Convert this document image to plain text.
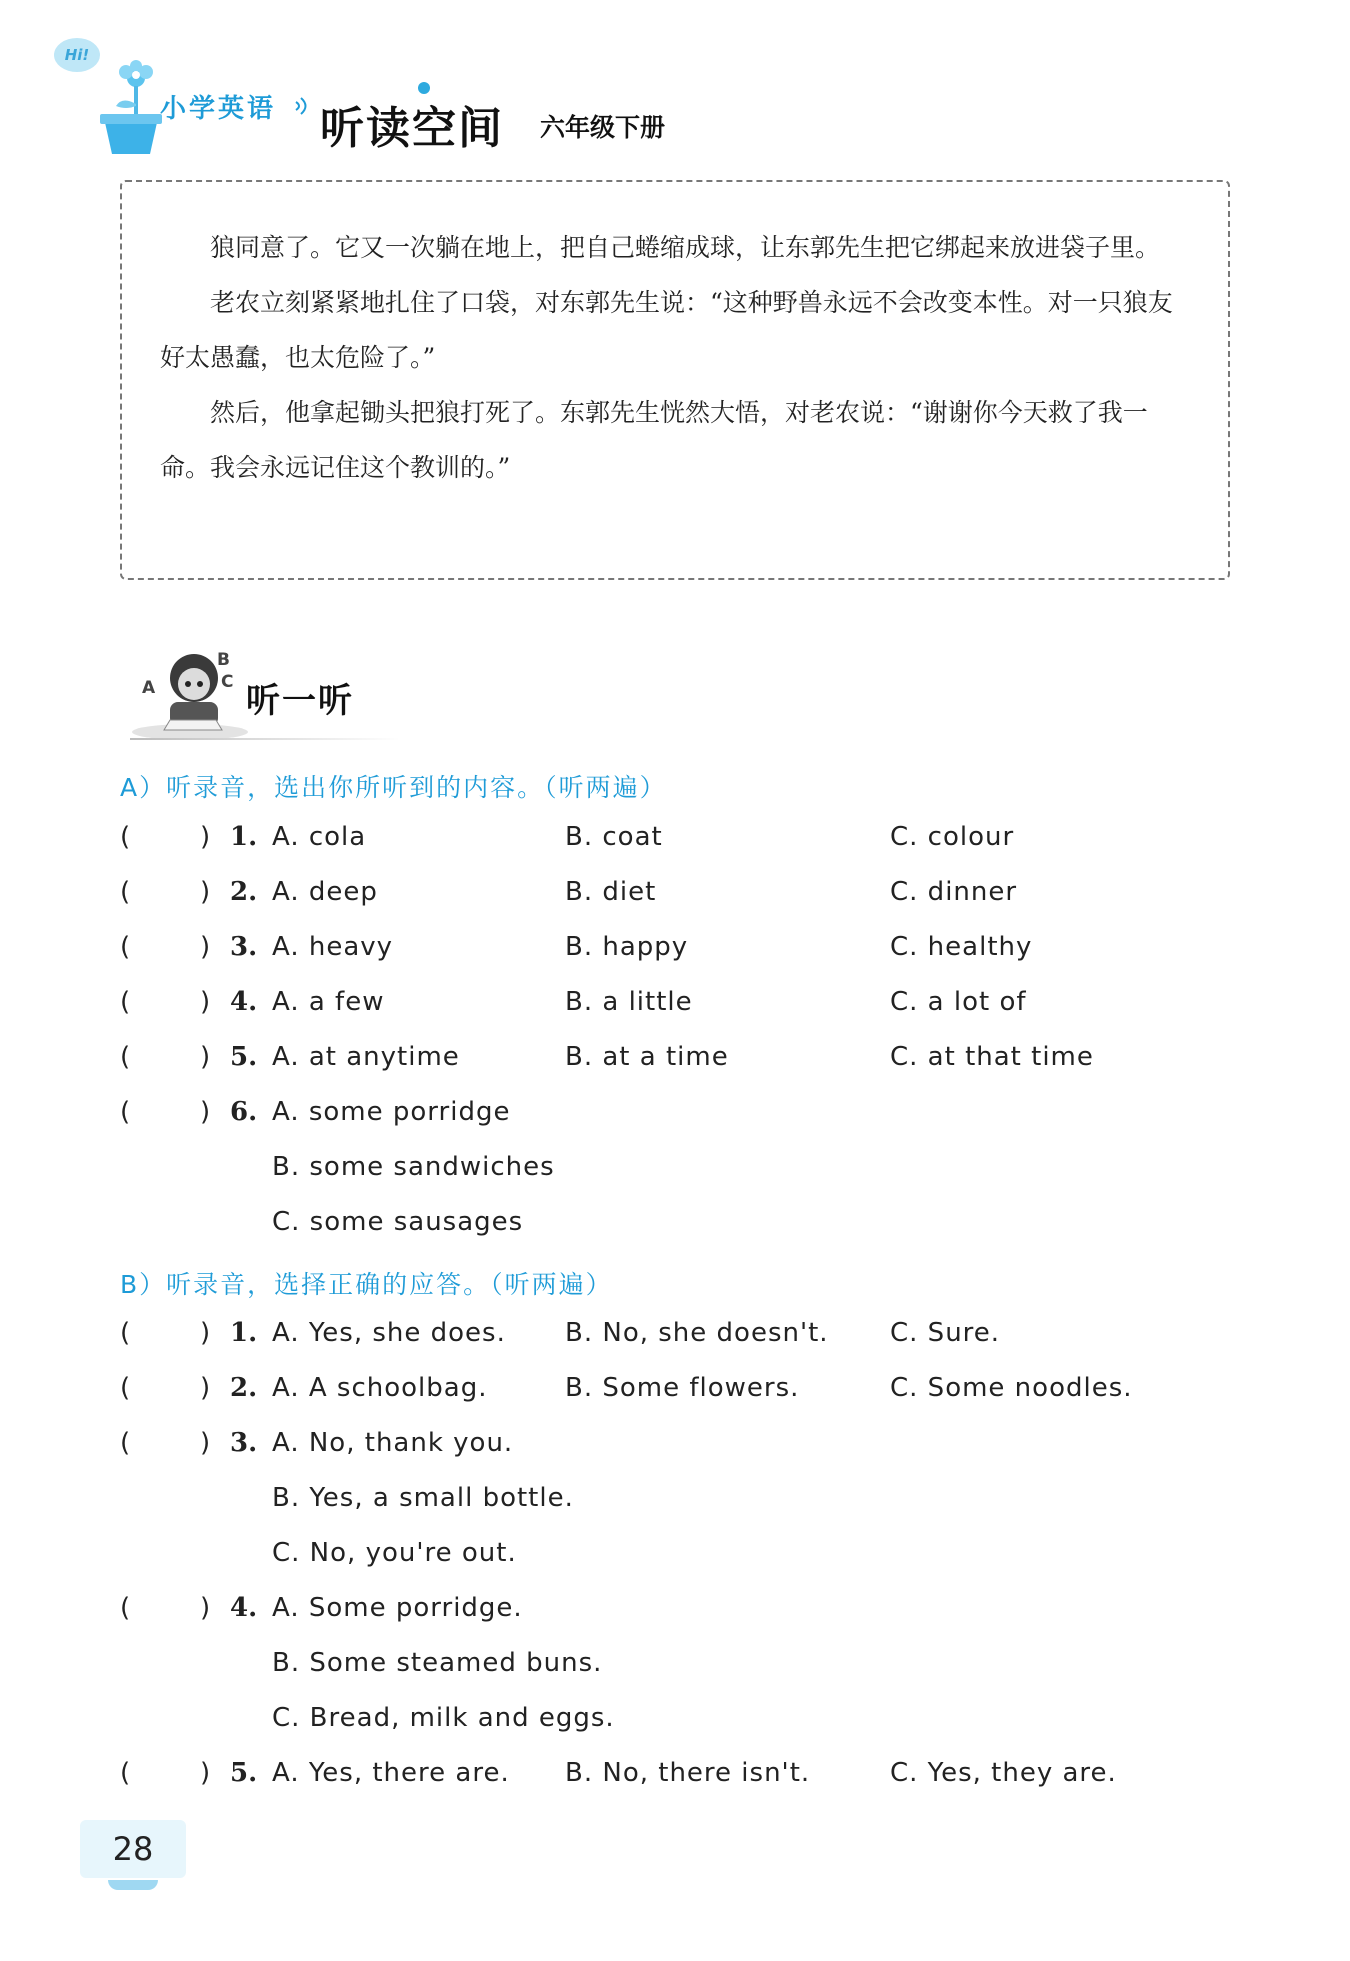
Hi!
小学英语 听读空间 六年级下册

狼同意了。它又一次躺在地上，把自己蜷缩成球，让东郭先生把它绑起来放进袋子里。

老农立刻紧紧地扎住了口袋，对东郭先生说：“这种野兽永远不会改变本性。对一只狼友好太愚蠢，也太危险了。”

然后，他拿起锄头把狼打死了。东郭先生恍然大悟，对老农说：“谢谢你今天救了我一命。我会永远记住这个教训的。”

A
B
C 听一听
A）听录音，选出你所听到的内容。（听两遍）
(	) 1. A. cola	B. coat	C. colour
(	) 2. A. deep	B. diet	C. dinner
(	) 3. A. heavy	B. happy	C. healthy
(	) 4. A. a few	B. a little	C. a lot of
(	) 5. A. at anytime	B. at a time	C. at that time
(	) 6. A. some porridge
B. some sandwiches
C. some sausages
B）听录音，选择正确的应答。（听两遍）
(	) 1. A. Yes, she does. B. No, she doesn't. C. Sure.
(	) 2. A. A schoolbag.	B. Some flowers.	C. Some noodles.
(	) 3. A. No, thank you.
B. Yes, a small bottle.
C. No, you're out.
(	) 4. A. Some porridge.
B. Some steamed buns.
C. Bread, milk and eggs.
(	) 5. A. Yes, there are. B. No, there isn't.	C. Yes, they are.
28
